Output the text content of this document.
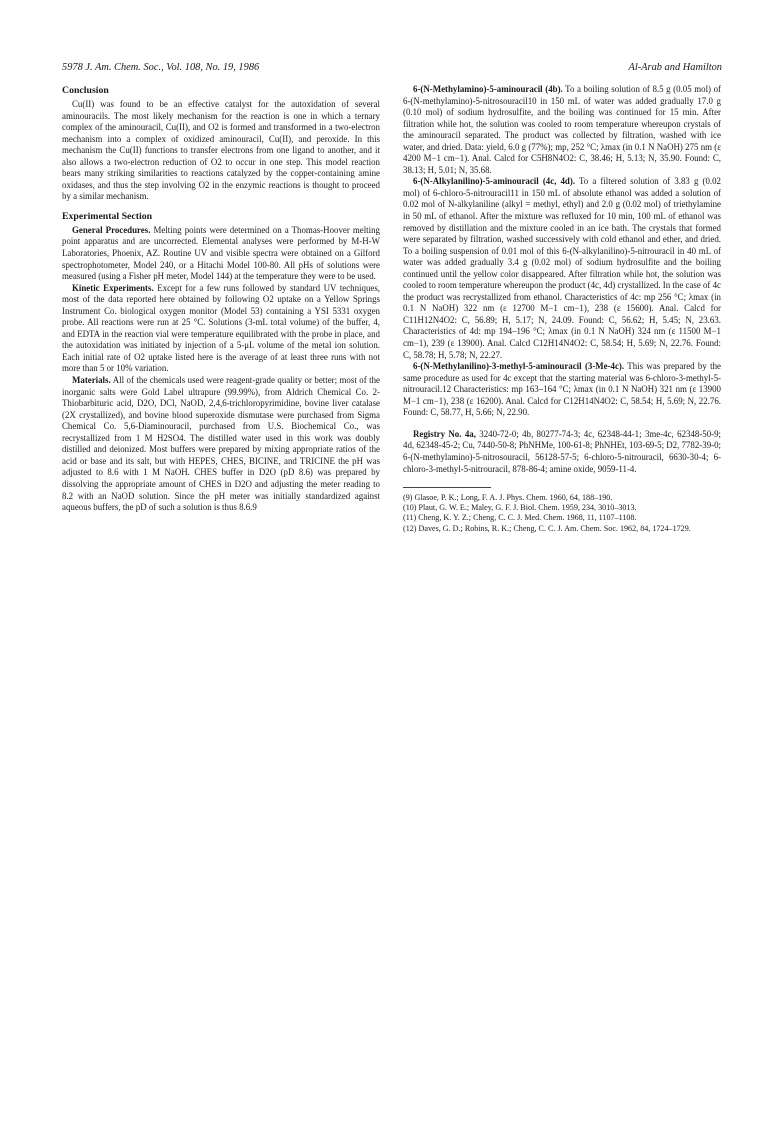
5978 J. Am. Chem. Soc., Vol. 108, No. 19, 1986	Al-Arab and Hamilton
Conclusion

Cu(II) was found to be an effective catalyst for the autoxidation of several aminouracils. The most likely mechanism for the reaction is one in which a ternary complex of the aminouracil, Cu(II), and O2 is formed and transformed in a two-electron mechanism into a complex of oxidized aminouracil, Cu(II), and peroxide. In this mechanism the Cu(II) functions to transfer electrons from one ligand to another, and it also allows a two-electron reduction of O2 to occur in one step. This model reaction bears many striking similarities to reactions catalyzed by the copper-containing amine oxidases, and thus the step involving O2 in the enzymic reactions is thought to proceed by a similar mechanism.

Experimental Section

General Procedures. Melting points were determined on a Thomas-Hoover melting point apparatus and are uncorrected. Elemental analyses were performed by M-H-W Laboratories, Phoenix, AZ. Routine UV and visible spectra were obtained on a Gilford spectrophotometer, Model 240, or a Hitachi Model 100-80. All pHs of solutions were measured (using a Fisher pH meter, Model 144) at the temperature they were to be used.

Kinetic Experiments. Except for a few runs followed by standard UV techniques, most of the data reported here obtained by following O2 uptake on a Yellow Springs Instrument Co. biological oxygen monitor (Model 53) containing a YSI 5331 oxygen probe. All reactions were run at 25 °C. Solutions (3-mL total volume) of the buffer, 4, and EDTA in the reaction vial were temperature equilibrated with the probe in place, and the autoxidation was initiated by injection of a 5-μL volume of the metal ion solution. Each initial rate of O2 uptake listed here is the average of at least three runs with not more than 5 or 10% variation.

Materials. All of the chemicals used were reagent-grade quality or better; most of the inorganic salts were Gold Label ultrapure (99.99%), from Aldrich Chemical Co. 2-Thiobarbituric acid, D2O, DCl, NaOD, 2,4,6-trichloropyrimidine, bovine liver catalase (2X crystallized), and bovine blood superoxide dismutase were purchased from Sigma Chemical Co. 5,6-Diaminouracil, purchased from U.S. Biochemical Co., was recrystallized from 1 M H2SO4. The distilled water used in this work was doubly distilled and deionized. Most buffers were prepared by mixing appropriate ratios of the acid or base and its salt, but with HEPES, CHES, BICINE, and TRICINE the pH was adjusted to 8.6 with 1 M NaOH. CHES buffer in D2O (pD 8.6) was prepared by dissolving the appropriate amount of CHES in D2O and adjusting the meter reading to 8.2 with an NaOD solution. Since the pH meter was initially standardized against aqueous buffers, the pD of such a solution is thus 8.6.9

6-(N-Methylamino)-5-aminouracil (4b). To a boiling solution of 8.5 g (0.05 mol) of 6-(N-methylamino)-5-nitrosouracil10 in 150 mL of water was added gradually 17.0 g (0.10 mol) of sodium hydrosulfite, and the boiling was continued for 15 min. After filtration while hot, the solution was cooled to room temperature whereupon crystals of the aminouracil separated. The product was collected by filtration, washed with ice water, and dried. Data: yield, 6.0 g (77%); mp, 252 °C; λmax (in 0.1 N NaOH) 275 nm (ε 4200 M−1 cm−1). Anal. Calcd for C5H8N4O2: C, 38.46; H, 5.13; N, 35.90. Found: C, 38.13; H, 5.01; N, 35.68.

6-(N-Alkylanilino)-5-aminouracil (4c, 4d). To a filtered solution of 3.83 g (0.02 mol) of 6-chloro-5-nitrouracil11 in 150 mL of absolute ethanol was added a solution of 0.02 mol of N-alkylaniline (alkyl = methyl, ethyl) and 2.0 g (0.02 mol) of triethylamine in 50 mL of ethanol. After the mixture was refluxed for 10 min, 100 mL of ethanol was removed by distillation and the mixture cooled in an ice bath. The crystals that formed were separated by filtration, washed successively with cold ethanol and ether, and dried. To a boiling suspension of 0.01 mol of this 6-(N-alkylanilino)-5-nitrouracil in 40 mL of water was added gradually 3.4 g (0.02 mol) of sodium hydrosulfite and the boiling continued until the yellow color disappeared. After filtration while hot, the solution was cooled to room temperature whereupon the product (4c, 4d) crystallized. In the case of 4c the product was recrystallized from ethanol. Characteristics of 4c: mp 256 °C; λmax (in 0.1 N NaOH) 322 nm (ε 12700 M−1 cm−1), 238 (ε 15600). Anal. Calcd for C11H12N4O2: C, 56.89; H, 5.17; N, 24.09. Found: C, 56.62; H, 5.45; N, 23.63. Characteristics of 4d: mp 194–196 °C; λmax (in 0.1 N NaOH) 324 nm (ε 11500 M−1 cm−1), 239 (ε 13900). Anal. Calcd C12H14N4O2: C, 58.54; H, 5.69; N, 22.76. Found: C, 58.78; H, 5.78; N, 22.27.

6-(N-Methylanilino)-3-methyl-5-aminouracil (3-Me-4c). This was prepared by the same procedure as used for 4c except that the starting material was 6-chloro-3-methyl-5-nitrouracil.12 Characteristics: mp 163–164 °C; λmax (in 0.1 N NaOH) 321 nm (ε 13900 M−1 cm−1), 238 (ε 16200). Anal. Calcd for C12H14N4O2: C, 58.54; H, 5.69; N, 22.76. Found: C, 58.77, H, 5.66; N, 22.90.

Registry No. 4a, 3240-72-0; 4b, 80277-74-3; 4c, 62348-44-1; 3me-4c, 62348-50-9; 4d, 62348-45-2; Cu, 7440-50-8; PhNHMe, 100-61-8; PhNHEt, 103-69-5; D2, 7782-39-0; 6-(N-methylamino)-5-nitrosouracil, 56128-57-5; 6-chloro-5-nitrouracil, 6630-30-4; 6-chloro-3-methyl-5-nitrouracil, 878-86-4; amine oxide, 9059-11-4.

(9) Glasoe, P. K.; Long, F. A. J. Phys. Chem. 1960, 64, 188–190.
(10) Plaut, G. W. E.; Maley, G. F. J. Biol. Chem. 1959, 234, 3010–3013.
(11) Cheng, K. Y. Z.; Cheng, C. C. J. Med. Chem. 1968, 11, 1107–1108.
(12) Daves, G. D.; Robins, R. K.; Cheng, C. C. J. Am. Chem. Soc. 1962, 84, 1724–1729.
